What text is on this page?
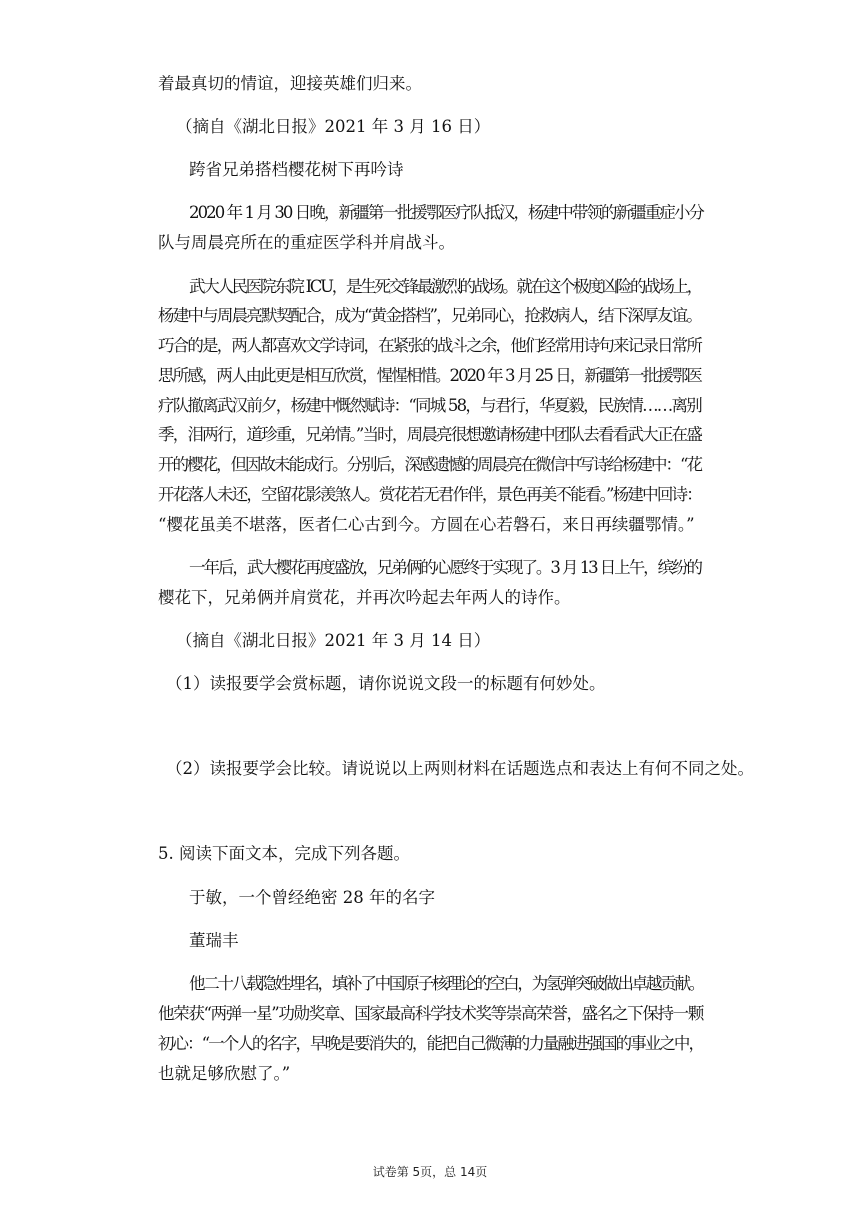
着最真切的情谊，迎接英雄们归来。
（摘自《湖北日报》2021 年 3 月 16 日）
跨省兄弟搭档樱花树下再吟诗
2020 年 1 月 30 日晚，新疆第一批援鄂医疗队抵汉，杨建中带领的新疆重症小分
队与周晨亮所在的重症医学科并肩战斗。
武大人民医院东院 ICU，是生死交锋最激烈的战场。就在这个极度凶险的战场上，
杨建中与周晨亮默契配合，成为“黄金搭档”，兄弟同心，抢救病人，结下深厚友谊。
巧合的是，两人都喜欢文学诗词，在紧张的战斗之余，他们经常用诗句来记录日常所
思所感，两人由此更是相互欣赏，惺惺相惜。2020 年 3 月 25 日，新疆第一批援鄂医
疗队撤离武汉前夕，杨建中慨然赋诗：“同城 58，与君行，华夏毅，民族情……离别
季，泪两行，道珍重，兄弟情。”当时，周晨亮很想邀请杨建中团队去看看武大正在盛
开的樱花，但因故未能成行。分别后，深感遗憾的周晨亮在微信中写诗给杨建中：“花
开花落人未还，空留花影羡煞人。赏花若无君作伴，景色再美不能看。”杨建中回诗：
“樱花虽美不堪落，医者仁心古到今。方圆在心若磐石，来日再续疆鄂情。”
一年后，武大樱花再度盛放，兄弟俩的心愿终于实现了。3 月 13 日上午，缤纷的
樱花下，兄弟俩并肩赏花，并再次吟起去年两人的诗作。
（摘自《湖北日报》2021 年 3 月 14 日）
（1）读报要学会赏标题，请你说说文段一的标题有何妙处。
（2）读报要学会比较。请说说以上两则材料在话题选点和表达上有何不同之处。
5. 阅读下面文本，完成下列各题。
于敏，一个曾经绝密 28 年的名字
董瑞丰
他二十八载隐姓埋名，填补了中国原子核理论的空白，为氢弹突破做出卓越贡献。
他荣获“两弹一星”功勋奖章、国家最高科学技术奖等崇高荣誉，盛名之下保持一颗
初心：“一个人的名字，早晚是要消失的，能把自己微薄的力量融进强国的事业之中，
也就足够欣慰了。”
试卷第 5页，总 14页
